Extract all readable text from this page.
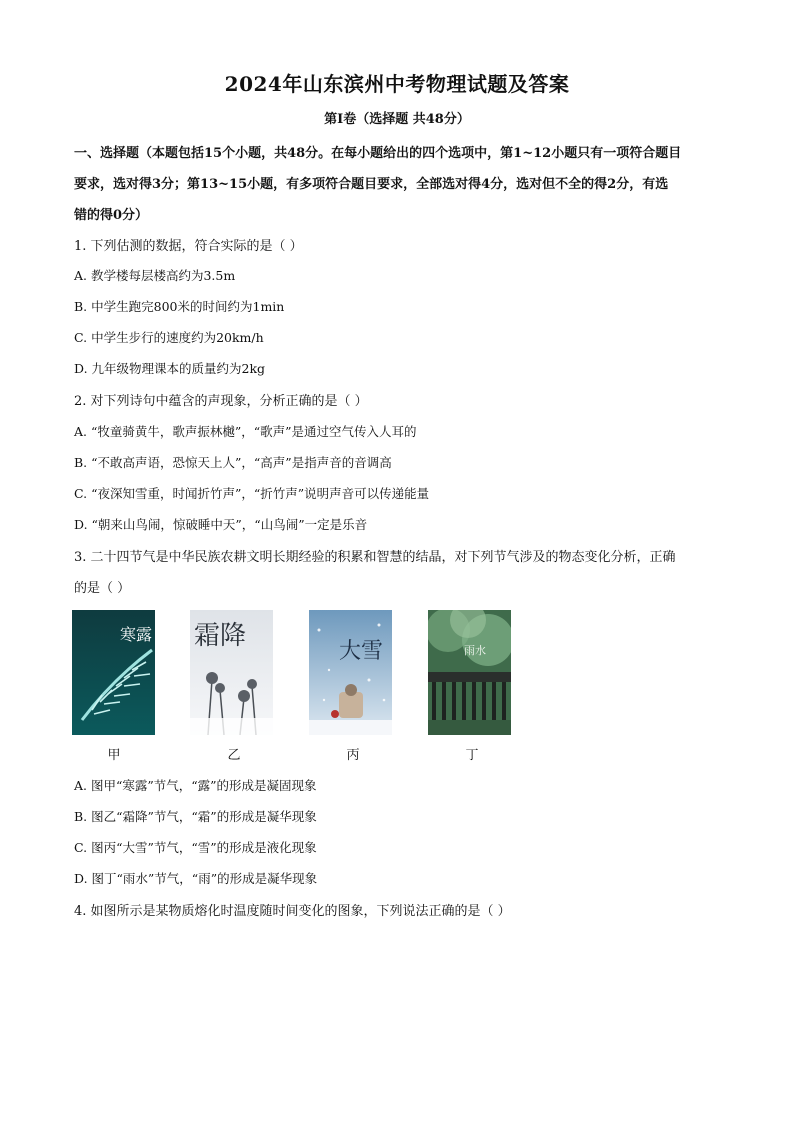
2024年山东滨州中考物理试题及答案
第Ⅰ卷（选择题 共48分）
一、选择题（本题包括15个小题，共48分。在每小题给出的四个选项中，第1~12小题只有一项符合题目
要求，选对得3分；第13~15小题，有多项符合题目要求，全部选对得4分，选对但不全的得2分，有选
错的得0分）
1. 下列估测的数据，符合实际的是（ ）
A. 教学楼每层楼高约为3.5m
B. 中学生跑完800米的时间约为1min
C. 中学生步行的速度约为20km/h
D. 九年级物理课本的质量约为2kg
2. 对下列诗句中蕴含的声现象，分析正确的是（ ）
A. “牧童骑黄牛，歌声振林樾”，“歌声”是通过空气传入人耳的
B. “不敢高声语，恐惊天上人”，“高声”是指声音的音调高
C. “夜深知雪重，时闻折竹声”，“折竹声”说明声音可以传递能量
D. “朝来山鸟闹，惊破睡中天”，“山鸟闹”一定是乐音
3. 二十四节气是中华民族农耕文明长期经验的积累和智慧的结晶，对下列节气涉及的物态变化分析，正确
的是（ ）
寒露 霜降
大雪	雨水
甲	乙	丙	丁
A. 图甲“寒露”节气，“露”的形成是凝固现象
B. 图乙“霜降”节气，“霜”的形成是凝华现象
C. 图丙“大雪”节气，“雪”的形成是液化现象
D. 图丁“雨水”节气，“雨”的形成是凝华现象
4. 如图所示是某物质熔化时温度随时间变化的图象，下列说法正确的是（ ）
